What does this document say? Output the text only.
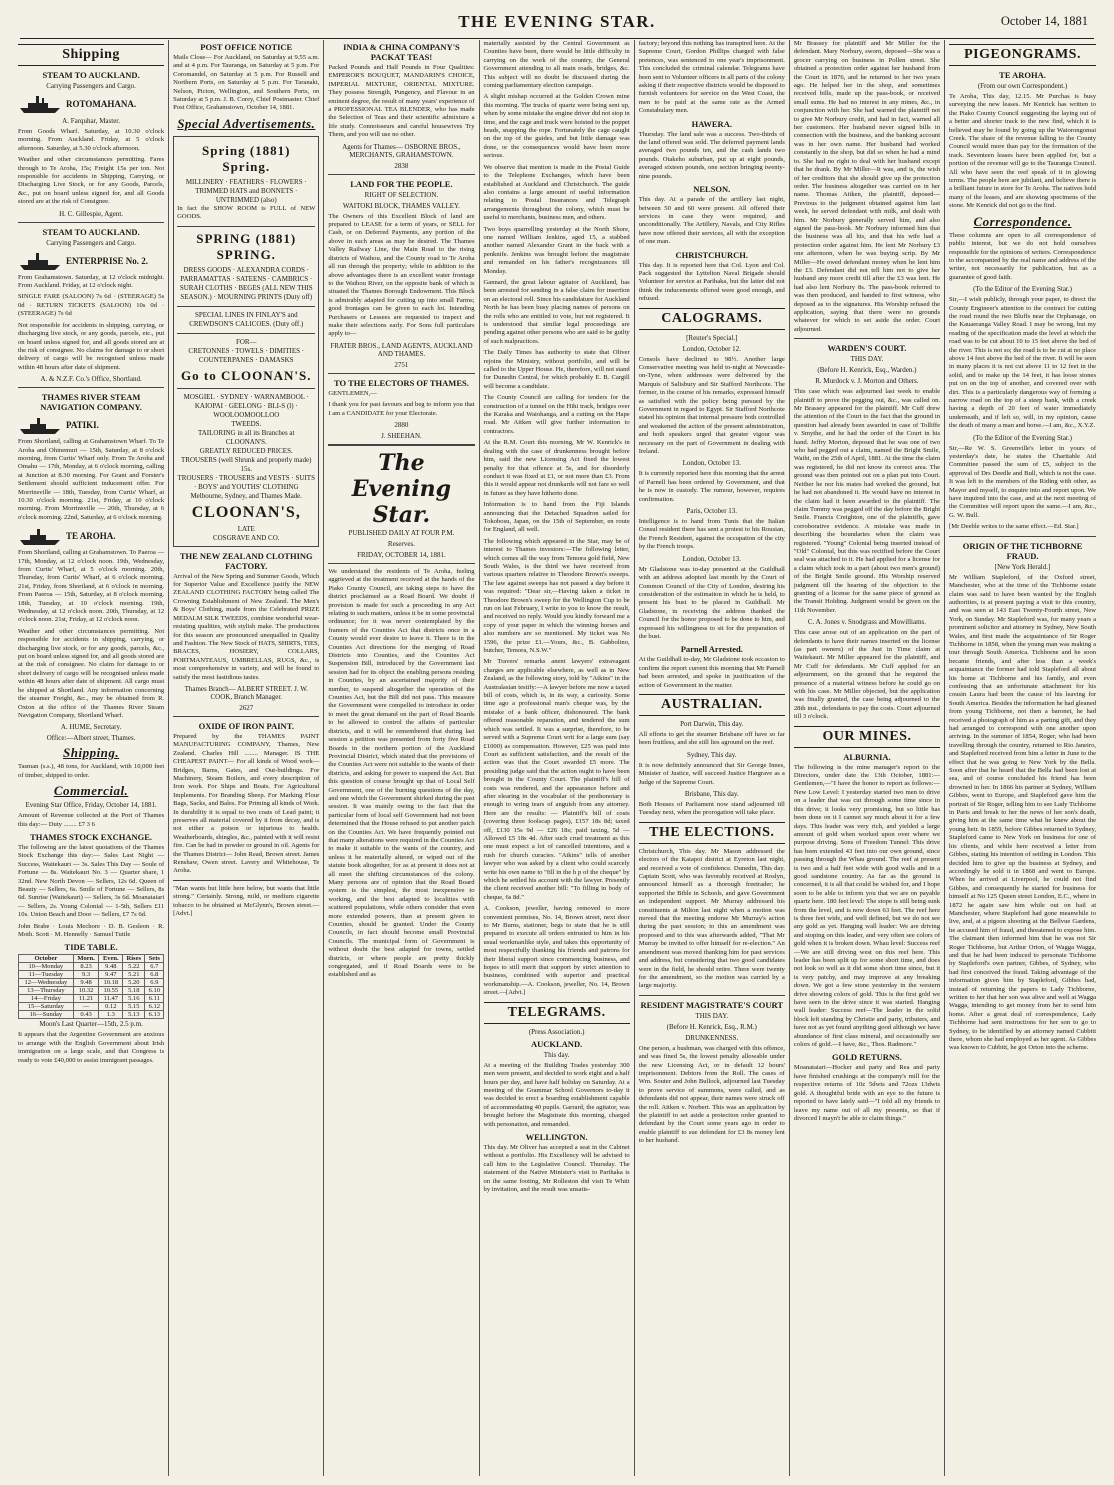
THE EVENING STAR.	October 14, 1881
Shipping
STEAM TO AUCKLAND.
Carrying Passengers and Cargo.
ROTOMAHANA.
A. Farquhar, Master.

From Goods Wharf. Saturday, at 10.30 o'clock morning. From Auckland. Friday, at 5 o'clock afternoon. Saturday, at 5.30 o'clock afternoon.

Weather and other circumstances permitting. Fares through to Te Aroha, 15s; Freight 15s per ton. Not responsible for accidents in Shipping, Carrying, or Discharging Live Stock, or for any Goods, Parcels, &c., put on board unless signed for, and all Goods stored are at the risk of Consignee.

H. C. Gillespie, Agent.
STEAM TO AUCKLAND.
Carrying Passengers and Cargo.
ENTERPRISE No. 2.

From Grahamstown. Saturday, at 12 o'clock midnight. From Auckland. Friday, at 12 o'clock night.

SINGLE FARE (SALOON) 7s 6d · (STEERAGE) 5s 0d · RETURN TICKETS (SALOON) 10s 0d · (STEERAGE) 7s 6d

Not responsible for accidents in shipping, carrying, or discharging live stock, or any goods, parcels, etc., put on board unless signed for, and all goods stored are at the risk of consignee. No claims for damage to or short delivery of cargo will be recognised unless made within 48 hours after date of shipment.

A. & N.Z.F. Co.'s Office, Shortland.
THAMES RIVER STEAM NAVIGATION COMPANY.
PATIKI.

From Shortland, calling at Grahamstown Wharf. To Te Aroha and Ohinemuri — 15th, Saturday, at 8 o'clock morning, from Curtis' Wharf only. From Te Aroha and Omahu — 17th, Monday, at 6 o'clock morning, calling at Junction at 8.30 morning. For Grant and Forster's Settlement should sufficient inducement offer. For Morrinsville — 18th, Tuesday, from Curtis' Wharf, at 10.30 o'clock morning. 21st, Friday, at 10 o'clock morning. From Morrinsville — 20th, Thursday, at 6 o'clock morning. 22nd, Saturday, at 6 o'clock morning.

TE AROHA.

From Shortland, calling at Grahamstown. To Paeroa — 17th, Monday, at 12 o'clock noon. 19th, Wednesday, from Curtis' Wharf, at 5 o'clock morning. 20th, Thursday, from Curtis' Wharf, at 6 o'clock morning. 21st, Friday, from Shortland, at 6 o'clock in morning. From Paeroa — 15th, Saturday, at 8 o'clock morning. 18th, Tuesday, at 10 o'clock morning. 19th, Wednesday, at 12 o'clock noon. 20th, Thursday, at 12 o'clock noon. 21st, Friday, at 12 o'clock noon.

Weather and other circumstances permitting. Not responsible for accidents in shipping, carrying, or discharging live stock, or for any goods, parcels, &c., put on board unless signed for, and all goods stored are at the risk of consignee. No claim for damage to or short delivery of cargo will be recognised unless made within 48 hours after date of shipment. All cargo must be shipped at Shortland. Any information concerning the steamer Freight, &c., may be obtained from R. Oxton at the office of the Thames River Steam Navigation Company, Shortland Wharf.

A. HUME, Secretary.
Office:—Albert street, Thames.
Shipping.

Tasman (s.s.), 48 tons, for Auckland, with 10,000 feet of timber, shipped to order.

Commercial.
Evening Star Office, Friday, October 14, 1881.

Amount of Revenue collected at the Port of Thames this day:— Duty ........ £7 3 6

THAMES STOCK EXCHANGE.

The following are the latest quotations of the Thames Stock Exchange this day:— Sales Last Night — Success, Waitekauri — 3s. Sales This Day — Soule of Fortune — 8s. Waitekauri No. 3 — Quarter share, 1 32nd. New North Devon — Sellers, 12s 6d. Queen of Beauty — Sellers, 6s. Smile of Fortune — Sellers, 8s 6d. Sunrise (Waitekauri) — Sellers, 3s 6d. Moanataiari — Sellers, 2s. Young Colonial — 1-5th, Sellers £11 10s. Union Beach and Door — Sellers, £7 7s 6d.

John Brabe · Louis Mechore · D. B. Gesleon · R. Moth. Scott · M. Hennelly · Samuel Tuttle

TIDE TABLE.
October	Morn.	Even.	Rises	Sets
10—Monday	8.23	9.48	5.22	6.7
11—Tuesday	9.3	9.47	5.21	6.8
12—Wednesday	9.48	10.18	5.20	6.9
13—Thursday	10.32	10.55	5.18	6.10
14—Friday	11.21	11.47	5.16	6.11
15—Saturday	—	0.12	5.15	6.12
16—Sunday	0.43	1.3	5.13	6.13
Moon's Last Quarter—15th, 2.5 p.m.

It appears that the Argentine Government are anxious to arrange with the English Government about Irish immigration on a large scale, and that Congress is ready to vote £40,000 to assist immigrant passages.

POST OFFICE NOTICE

Mails Close— For Auckland, on Saturday at 9.55 a.m. and at 4 p.m. For Tauranga, on Saturday at 5 p.m. For Coromandel, on Saturday at 5 p.m. For Russell and Northern Ports, on Saturday at 5 p.m. For Taranaki, Nelson, Picton, Wellington, and Southern Ports, on Saturday at 5 p.m. J. B. Corey, Chief Postmaster. Chief Post Office, Grahamstown, October 14, 1881.

Special Advertisements.
Spring (1881) Spring.
MILLINERY · FEATHERS · FLOWERS · TRIMMED HATS and BONNETS · UNTRIMMED (also)

In fact the SHOW ROOM is FULL of NEW GOODS.

SPRING (1881) SPRING.
DRESS GOODS · ALEXANDRA CORDS · PARRAMATTAS · SATEENS · CAMBRICS · SURAH CLOTHS · BEGES (ALL NEW THIS SEASON.) · MOURNING PRINTS (Duty off)
SPECIAL LINES IN FINLAY'S and CREWDSON'S CALICOES. (Duty off.)
FOR—
CRETONNES · TOWELS · DIMITIES · COUNTERPANES · DAMASKS
Go to CLOONAN'S.
MOSGIEL · SYDNEY · WARNAMBOOL · KAIOPAI · GEELONG · BLI-S (l) · WOOLOOMOOLLOO
TWEEDS.
TAILORING in all its Branches at CLOONAN'S.
GREATLY REDUCED PRICES.
TROUSERS (well Shrunk and properly made) 15s.
TROUSERS · TROUSERS and VESTS · SUITS · BOYS' and YOUTHS' CLOTHING
Melbourne, Sydney, and Thames Made.
CLOONAN'S,
LATE
COSGRAVE AND CO.
THE NEW ZEALAND CLOTHING FACTORY.

Arrival of the New Spring and Summer Goods, Which for Superior Value and Excellence justify the NEW ZEALAND CLOTHING FACTORY being called The Crowning Establishment of New Zealand. The Men's & Boys' Clothing, made from the Celebrated PRIZE MEDALM SILK TWEEDS, combine wonderful wear-resisting qualities, with stylish make. The productions for this season are pronounced unequalled in Quality and Fashion. The New Stock of HATS, SHIRTS, TIES, BRACES, HOSIERY, COLLARS, PORTMANTEAUS, UMBRELLAS, RUGS, &c., is most comprehensive in variety, and will be found to satisfy the most fastidious tastes.

Thames Branch— ALBERT STREET. J. W. COOK, Branch Manager.
2627
OXIDE OF IRON PAINT.

Prepared by the THAMES PAINT MANUFACTURING COMPANY, Thames, New Zealand. Charles Hill ........ Manager. IS THE CHEAPEST PAINT— For all kinds of Wood work—Bridges, Barns, Gates, and Out-buildings. For Machinery, Steam Boilers, and every description of Iron work. For Ships and Boats. For Agricultural Implements. For Branding Sheep. For Marking Flour Bags, Sacks, and Bales. For Priming all kinds of Work. In durability it is equal to two coats of Lead paint; it preserves all material covered by it from decay, and is not either a poison or injurious to health. Weatherboards, shingles, &c., painted with it will resist fire. Can be had in powder or ground in oil. Agents for the Thames District— John Read, Brown street. James Renshaw, Owen street. Lavery and Whitehouse, Te Aroha.

"Man wants but little here below, but wants that little strong." Certainly. Strong, mild, or medium cigarette tobacco to be obtained at McGlynn's, Brown street.—[Advt.]

INDIA & CHINA COMPANY'S PACKAT TEAS!

Packed Pounds and Half Pounds in Four Qualities: EMPEROR'S BOUQUET, MANDARIN'S CHOICE, IMPERIAL MIXTURE, ORIENTAL MIXTURE. They possess Strength, Pungency, and Flavour in an eminent degree, the result of many years' experience of a PROFESSIONAL TEA BLENDER, who has made the Selection of Teas and their scientific admixture a life study. Connoisseurs and careful housewives Try Them, and you will use no other.

Agents for Thames— OSBORNE BROS., MERCHANTS, GRAHAMSTOWN.
2838
LAND FOR THE PEOPLE.
RIGHT OF SELECTION.
WAITOKI BLOCK, THAMES VALLEY.

The Owners of this Excellent Block of land are prepared to LEASE for a term of years, or SELL for Cash, or on Deferred Payments, any portion of the above in such areas as may be desired. The Thames Valley Railway Line, the Main Road to the rising districts of Waihou, and the County road to Te Aroha all run through the property; while in addition to the above advantages there is an excellent water frontage to the Waihou River, on the opposite bank of which is situated the Thames Borough Endowment. This Block is admirably adapted for cutting up into small Farms; good frontages can be given to each lot. Intending Purchasers or Lessees are requested to inspect and make their selections early. For Sons full particulars apply to—

FRATER BROS., LAND AGENTS, AUCKLAND AND THAMES.
2751
TO THE ELECTORS OF THAMES.

GENTLEMEN,—

I thank you for past favours and beg to inform you that I am a CANDIDATE for your Electorate.

2880
J. SHEEHAN.
The Evening Star.
PUBLISHED DAILY AT FOUR P.M.
Reserves.
FRIDAY, OCTOBER 14, 1881.

We understand the residents of Te Aroha, feeling aggrieved at the treatment received at the hands of the Piako County Council, are taking steps to have the district proclaimed as a Road Board. We doubt if provision is made for such a proceeding in any Act relating to such matters, unless it be in some provincial ordinance; for it was never contemplated by the framers of the Counties Act that districts once in a County would ever desire to leave it. There is in the Counties Act directions for the merging of Road Districts into Counties, and the Counties Act Suspension Bill, introduced by the Government last session had for its object the enabling persons residing in Counties, by an ascertained majority of their number, to suspend altogether the operation of the Counties Act, but the Bill did not pass. This measure the Government were compelled to introduce in order to meet the great demand on the part of Road Boards to be allowed to control the affairs of particular districts, and it will be remembered that during last session a petition was presented from forty five Road Boards in the northern portion of the Auckland Provincial District, which stated that the provisions of the Counties Act were not suitable to the wants of their districts, and asking for power to suspend the Act. But this question of course brought up that of Local Self Government, one of the burning questions of the day, and one which the Government shirked during the past session. It was mainly owing to the fact that the particular form of local self Government had not been determined that the House refused to put another patch on the Counties Act. We have frequently pointed out that many alterations were required in the Counties Act to make it suitable to the wants of the country, and unless it be materially altered, or wiped out of the statute book altogether, for as at present it does not at all meet the shifting circumstances of the colony. Many persons are of opinion that the Road Board system is the simplest, the most inexpensive to working, and the best adapted to localities with scattered populations, while others consider that even more extended powers, than at present given to Counties, should be granted. Under the County Councils, in fact should become small Provincial Councils. The municipal form of Government is without doubt the best adapted for towns, settled districts, or where people are pretty thickly congregated, and if Road Boards were to be established and as

materially assisted by the Central Government as Counties have been, there would be little difficulty in carrying on the work of the country, the General Government attending to all main roads, bridges, &c. This subject will no doubt be discussed during the coming parliamentary election campaign.

A slight mishap occurred at the Golden Crown mine this morning. The trucks of quartz were being sent up, when by some mistake the engine driver did not stop in time, and the cage and truck were hoisted to the poppet heads, snapping the rope. Fortunately the cage caught on the top of the guides, and but little damage was done, or the consequences would have been more serious.

We observe that mention is made in the Postal Guide to the Telephone Exchanges, which have been established at Auckland and Christchurch. The guide also contains a large amount of useful information relating to Postal Insurances and Telegraph arrangements throughout the colony, which must be useful to merchants, business men, and others.

Two boys quarrelling yesterday at the North Shore, one named William Jenkins, aged 15, a stabbed another named Alexander Grant in the back with a penknife. Jenkins was brought before the magistrate and remanded on his father's recognizances till Monday.

Gannard, the great labour agitator of Auckland, has been arrested for sending in a false claim for insertion on an electoral roll. Since his candidature for Auckland North he has been busy placing names of persons on the rolls who are entitled to vote, but not registered. It is understood that similar legal proceedings are pending against other persons who are said to be guilty of such malpractices.

The Daily Times has authority to state that Oliver rejoins the Ministry, without portfolio, and will be called to the Upper House. He, therefore, will not stand for Dunedin Central, for which probably E. B. Cargill will become a candidate.

The County Council are calling for tenders for the construction of a tunnel on the Hihi track, bridges over the Karaka and Waiohanga, and a cutting on the Hape road. Mr Aitken will give further information to contractors.

At the R.M. Court this morning, Mr W. Kenrick's in dealing with the case of drunkenness brought before him, said the new Licensing Act fixed the lowest penalty for that offence at 5s, and for disorderly conduct it was fixed at £1, or not more than £3. From this it would appear not drunkards will not fare so well in future as they have hitherto done.

Information is to hand from the Fiji Islands announcing that the Detached Squadron sailed for Tokobosu, Japan, on the 15th of September, en route for England, all well.

The following which appeared in the Star, may be of interest to Thames investors:—The following letter, which comes all the way from Temora gold field, New South Wales, is the third we have received from various quarters relative to Theodore Brown's sweeps. The law against sweeps has not passed a day before it was required: "Dear sir,—Having taken a ticket in Theodore Brown's sweep for the Wellington Cup to be run on last February, I write to you to know the result, and received no reply. Would you kindly forward me a copy of your paper in which the winning horses and also numbers are so mentioned. My ticket was No 1596, the prize £1.—Yours, &c., B. Gabbolino, butcher, Temora, N.S.W."

Mr Travers' remarks anent lawyers' extravagant charges are applicable elsewhere, as well as in New Zealand, as the following story, told by "Atkins" in the Australasian testify:—A lawyer before me now a taxed bill of costs, which is, in its way, a curiosity. Some time ago a professional man's cheque was, by the mistake of a bank officer, dishonoured. The bank offered reasonable reparation, and tendered the sum which was settled. It was a surprise, therefore, to be served with a Supreme Court writ for a large sum (say £1000) as compensation. However, £25 was paid into Court as sufficient satisfaction, and the result of the action was that the Court awarded £5 more. The presiding judge said that the action ought to have been brought in the County Court. The plaintiff's bill of costs was rendered, and the appearance before and after elearing in the vocabular of the prothonotary is enough to wring tears of anguish from any attorney. Here are the results: — Plaintiff's bill of costs (covering three foolscap pages), £157 18s 8d; taxed off, £130 15s 9d — £26 18s; paid taxing, 5d — Allowed £5 18s 4d. After such cruel treatment as this one must expect a lot of cancelled intentions, and a rush for church curacies. "Atkins" tells of another lawyer who was asked by a client who could scarcely write his own name to "fill in the h p of the cheque" by which he settled his account with the lawyer. Presently the client received another bill: "To filling in body of cheque, 6s 8d."

A. Cookson, jeweller, having removed to more convenient premises, No. 14, Brown street, next door to Mr Burns, stationer, begs to state that he is still prepared to execute all orders entrusted to him in his usual workmanlike style, and takes this opportunity of most respectfully thanking his friends and patrons for their liberal support since commencing business, and hopes to still merit that support by strict attention to business, combined with superior and practical workmanship.—A. Cookson, jeweller, No. 14, Brown street.—[Advt.]

TELEGRAMS.
(Press Association.)
AUCKLAND.
This day.

At a meeting of the Building Trades yesterday 300 men were present, and decided to work eight and a half hours per day, and have half holiday on Saturday. At a meeting of the Grammar School Governors to-day it was decided to erect a boarding establishment capable of accommodating 40 pupils. Garrard, the agitator, was brought before the Magistrate this morning, charged with personation, and remanded.

WELLINGTON.

This day. Mr Oliver has accepted a seat in the Cabinet without a portfolio. His Excellency will be advised to call him to the Legislative Council. Thursday. The statement of the Native Minister's visit to Parihaka is on the same footing, Mr Rolleston did visit Te Whiti by invitation, and the result was unsatis-

factory; beyond this nothing has transpired here. At the Supreme Court, Gordon Phillips charged with false pretences, was sentenced to one year's imprisonment. This concluded the criminal calendar. Telegrams have been sent to Volunteer officers in all parts of the colony asking if their respective districts would be disposed to furnish volunteers for service on the West Coast, the men to be paid at the same rate as the Armed Constabulary men.

HAWERA.

Thursday. The land sale was a success. Two-thirds of the land offered was sold. The deferred payment lands averaged two pounds ten, and the cash lands two pounds. Otakeho suburban, put up at eight pounds, averaged sixteen pounds, one section bringing twenty-nine pounds.

NELSON.

This day. At a parade of the artillery last night, between 50 and 60 were present. All offered their services in case they were required, and unconditionally. The Artillery, Navals, and City Rifles have now offered their services, all with the exception of one man.

CHRISTCHURCH.

This day. It is reported here that Col. Lyon and Col. Pack suggested the Lyttelton Naval Brigade should Volunteer for service at Parihaka, but the latter did not think the inducements offered were good enough, and refused.

CALOGRAMS.
[Reuter's Special.]
London, October 12.

Consols have declined to 98½. Another large Conservative meeting was held to-night at Newcastle-on-Tyne, when addresses were delivered by the Marquis of Salisbury and Sir Stafford Northcote. The former, in the course of his remarks, expressed himself as satisfied with the policy being pursued by the Government in regard to Egypt. Sir Stafford Northcote stated his opinion that internal pressure both controlled and weakened the action of the present administration, and both speakers urged that greater vigour was necessary on the part of Government in dealing with Ireland.

London, October 13.

It is currently reported here this morning that the arrest of Parnell has been ordered by Government, and that he is now in custody. The rumour, however, requires confirmation.

Paris, October 13.

Intelligence is to hand from Tunis that the Italian Consul resident there has sent a protest to his Rousian, the French Resident, against the occupation of the city by the French troops.

London, October 13.

Mr Gladstone was to-day presented at the Guildhall with an address adopted last month by the Court of Common Council of the City of London, desiring his consideration of the estimation in which he is held, to present his bust to be placed in Guildhall. Mr Gladstone, in receiving the address thanked the Council for the honor proposed to be done to him, and expressed his willingness to sit for the preparation of the bust.

Parnell Arrested.

At the Guildhall to-day, Mr Gladstone took occasion to confirm the report current this morning that Mr Parnell had been arrested, and spoke in justification of the action of Government in the matter.

AUSTRALIAN.
Port Darwin, This day.

All efforts to get the steamer Brisbane off have so far been fruitless, and she still lies aground on the reef.

Sydney, This day.

It is now definitely announced that Sir George Innes, Minister of Justice, will succeed Justice Hargrave as a Judge of the Supreme Court.

Brisbane, This day.

Both Houses of Parliament now stand adjourned till Tuesday next, when the prorogation will take place.

THE ELECTIONS.

Christchurch, This day. Mr Mason addressed the electors of the Kaiapoi district at Eyreton last night, and received a vote of confidence. Dunedin, This day. Captain Scott, who was favorably received at Roslyn, announced himself as a thorough freetrader; he supported the Bible in Schools, and gave Government an independent support. Mr Murray addressed his constituents at Milton last night when a motion was moved that the meeting endorse Mr Murray's action during the past session; to this an amendment was proposed and to this was afterwards added, "That Mr Murray be invited to offer himself for re-election." An amendment was moved thanking him for past services and address, but considering that two good candidates were in the field, he should retire. There were twenty for the amendment, so the motion was carried by a large majority.

RESIDENT MAGISTRATE'S COURT
THIS DAY.
(Before H. Kenrick, Esq., R.M.)
DRUNKENNESS.

One person, a bushman, was charged with this offence, and was fined 5s, the lowest penalty allowable under the new Licensing Act, or in default 12 hours' imprisonment. Debtors from the Roll. The cases of Wm. Souter and John Bullock, adjourned last Tuesday to prove service of summons, were called, and as defendants did not appear, their names were struck off the roll. Aitken v. Norbert. This was an application by the plaintiff to set aside a protection order granted to defendant by the Court some years ago in order to enable plaintiff to sue defendant for £3 8s money lent to her husband.

Mr Brassey for plaintiff and Mr Miller for the defendant. Mary Norbury, sworn, deposed—She was a grocer carrying on business in Pollen street. She obtained a protection order against her husband from the Court in 1876, and he returned to her two years ago. He helped her in the shop, and sometimes received bills, made up the pass-book, or received small sums. He had no interest in any mines, &c., in conjunction with her. She had warned the plaintiff not to give Mr Norbury credit, and had in fact, warned all her customers. Her husband never signed bills in connection with the business, and the banking account was in her own name. Her husband had worked constantly in the shop, but did so when he had a mind to. She had no right to deal with her husband except that he drank. By Mr Miller—It was, and is, the wish of her creditors that she should give up the protection order. The business altogether was carried on in her name. Thomas Aitken, the plaintiff, deposed—Previous to the judgment obtained against him last week, he served defendant with milk, and dealt with him. Mr Norbury generally served him, and also signed the pass-book. Mr Norbury informed him that the business was all his, and that his wife had a protection order against him. He lent Mr Norbury £3 one afternoon, when he was buying scrip. By Mr Miller—He owed defendant money when he lent him the £3. Defendant did not tell him not to give her husband any more credit till after the £3 was lent. He had also lent Norbury 8s. The pass-book referred to was then produced, and handed to first witness, who deposed as to the signatures. His Worship refused the application, saying that there were no grounds whatever for which to set aside the order. Court adjourned.

WARDEN'S COURT.
THIS DAY.
(Before H. Kenrick, Esq., Warden.)
R. Murdock v. J. Morton and Others.

This case which was adjourned last week to enable plaintiff to prove the pegging out, &c., was called on. Mr Brassey appeared for the plaintiff. Mr Cuff drew the attention of the Court to the fact that the ground in question had already been awarded in case of Tolliffe v. Smythe, and he had the order of the Court in his hand. Jeffry Morton, deposed that he was one of two who had pegged out a claim, named the Bright Smile, Waihi, on the 25th of April, 1881. At the time the claim was registered, he did not know its correct area. The ground was then pointed out on a plan put into Court. Neither he nor his mates had worked the ground, but he had not abandoned it. He would have no interest in the claim had it been awarded to the plaintiff. The claim Tommy was pegged off the day before the Bright Smile. Francis Creighton, one of the plaintiffs, gave corroborative evidence. A mistake was made in describing the boundaries when the claim was registered. "Young" Colonial being inserted instead of "Old" Colonial, but this was rectified before the Court seal was attached to it. He had applied for a license for a claim which took in a part (about two men's ground) of the Bright Smile ground. His Worship reserved judgment till the hearing of the objection to the granting of a license for the same piece of ground as the Transit Holding. Judgment would be given on the 11th November.

C. A. Jones v. Snodgrass and Mowilliams.

This case arose out of an application on the part of defendants to have their names inserted on the license (as part owners) of the Just in Time claim at Waitekauri. Mr Miller appeared for the plaintiff, and Mr Cuff for defendants. Mr Cuff applied for an adjournment, on the ground that he required the presence of a material witness before he could go on with his case. Mr Miller objected, but the application was finally granted, the case being adjourned to the 28th inst., defendants to pay the costs. Court adjourned till 3 o'clock.

OUR MINES.
ALBURNIA.

The following is the mine manager's report to the Directors, under date the 13th October, 1881:—Gentlemen,—"I have the honor to report as follows:— New Low Level: I yesterday started two men to drive on a leader that was cut through some time since in this drive; it looks very promising, but so little has been done on it I cannot say much about it for a few days. This leader was very rich, and yielded a large amount of gold when worked upon over where we purpose driving. Sons of Freedom Tunnel: This drive has been extended 43 feet into our own ground, since passing through the Whau ground. The reef at present is two and a half feet wide with good walls and in a good sandstone country. As far as the ground is concerned, it is all that could be wished for, and I hope soon to be able to inform you that we are on payable quartz here. 180 feet level: The stope is still being sunk from the level, and is now down 63 feet. The reef here is three feet wide, and well defined, but we do not see any gold as yet. Hanging wall leader: We are driving and stoping on this leader, and very often see colors of gold when it is broken down. Whau level: Success reef—We are still driving west on this reef here. This leader has been split up for some short time, and does not look so well as it did some short time since, but it is very patchy, and may improve at any breaking down. We got a few stone yesterday in the western drive showing colors of gold. This is the first gold we have seen in the drive since it was started. Hanging wall leader: Success reef—The leader in the solid block left standing by Christie and party, tributers, and have not as yet found anything good although we have abundance of first class mineral, and occasionally see colors of gold.—I have, &c., Thos. Radmore."

GOLD RETURNS.

Moanataiari—Hocker and party and Rea and party have finished crushings at the company's mill for the respective returns of 10z 5dwts and 72ozs 13dwts gold. A thoughtful bride with an eye to the future is reported to have lately said—"I told all my friends to leave my name out of all my presents, so that if divorced I mayn't be able to claim things."

PIGEONGRAMS.
TE AROHA.
(From our own Correspondent.)

Te Aroha, This day, 12.15. Mr Purchas is busy surveying the new leases. Mr Kenrick has written to the Piako County Council suggesting the laying out of a better and shorter track to the new find, which it is believed may be found by going up the Waiorongomai Creek. The share of the revenue falling to the County Council would more than pay for the formation of the track. Seventeen leases have been applied for, but a portion of the revenue will go to the Tauranga Council. All who have seen the reef speak of it in glowing terms. The people here are jubilant, and believe there is a brilliant future in store for Te Aroha. The natives hold many of the leases, and are showing specimens of the stone. Mr Kenrick did not go to the find.

Correspondence.

These columns are open to all correspondence of public interest, but we do not hold ourselves responsible for the opinions of writers. Correspondence to the accompanied by the real name and address of the writer, not necessarily for publication, but as a guarantee of good faith.

(To the Editor of the Evening Star.)

Sir,—I wish publicly, through your paper, to direct the County Engineer's attention to the contract for cutting the road round the two Bluffs near the Orphanage, on the Kauaeranga Valley Road. I may be wrong, but my reading of the specification made the level at which the road was to be cut about 10 to 15 feet above the bed of the river. This is not so; the road is to be cut at no place above 14 feet above the bed of the river. It will be seen in many places it is not cut above 11 to 12 feet in the solid, and to make up the 14 feet, it has loose stones put on on the top of another, and covered over with dirt. This is a particularly dangerous way of forming a narrow road on the top of a steep bank, with a creek having a depth of 20 feet of water immediately underneath, and if left so, will, in my opinion, cause the death of many a man and horse.—I am, &c., X.Y.Z.

(To the Editor of the Evening Star.)

Sir,—Re W. S. Greenville's letter in yours of yesterday's date, he states the Charitable Aid Committee passed the sum of £5, subject to the approval of Drs Deedle and Bull, which is not the case. It was left to the members of the Riding with other, as Mayor and myself, to enquire into and report upon. We have inquired into the case, and at the next meeting of the Committee will report upon the same.—I am, &c., G. W. Bull.

[Mr Deeble writes to the same effect.—Ed. Star.]

ORIGIN OF THE TICHBORNE FRAUD.
[New York Herald.]

Mr William Stapleford, of the Oxford street, Manchester, who at the time of the Tichborne estate claim was said to have been wanted by the English authorities, is at present paying a visit to this country, and was seen at 143 East Twenty-Fourth street, New York, on Sunday. Mr Stapleford was, for many years a prominent solicitor and attorney in Sydney, New South Wales, and first made the acquaintance of Sir Roger Tichborne in 1858, when the young man was making a tour through South America. Tichborne and he soon became friends, and after less than a week's acquaintance the former had told Stapleford all about his home at Tichborne and his family, and even confessing that an unfortunate attachment for his cousin Laura had been the cause of his leaving for South America. Besides the information he had gleaned from young Tichborne, not then a baronet, he had received a photograph of him as a parting gift, and they had arranged to correspond with one another upon arriving. In the summer of 1854, Roger, who had been travelling through the country, returned to Rio Janeiro, and Stapleford received from him a letter in June to the effect that he was going to New York by the Bella. Soon after that he heard that the Bella had been lost at sea, and of course concluded his friend has been drowned in her. In 1866 his partner at Sydney, William Gibbes, went to Europe, and Stapleford gave him the portrait of Sir Roger, telling him to see Lady Tichborne in Paris and break to her the news of her son's death, giving him at the same time what he knew about the young heir. In 1859, before Gibbes returned to Sydney, Stapleford came to New York on business for one of his clients, and while here received a letter from Gibbes, stating his intention of settling in London. This decided him to give up the business at Sydney, and accordingly he sold it in 1868 and went to Europe. When he arrived at Liverpool, he could not find Gibbes, and consequently he started for business for himself at No 125 Queen street London, E.C., where in 1872 he again saw him while out on bail at Manchester, where Stapleford had gone meanwhile to live, and, at a pigeon shooting at the Bellvue Gardens, he accused him of fraud, and threatened to expose him. The claimant then informed him that he was not Sir Roger Tichborne, but Arthur Orton, of Wagga Wagga, and that he had been induced to personate Tichborne by Stapleford's own partner, Gibbes, of Sydney, who had first conceived the fraud. Taking advantage of the information given him by Stapleford, Gibbes had, instead of returning the papers to Lady Tichborne, written to her that her son was alive and well at Wagga Wagga, intending to get money from her to send him home. After a great deal of correspondence, Lady Tichborne had sent instructions for her son to go to Sydney, to be identified by an attorney named Cubbitt there, whom she had employed as her agent. As Gibbes was known to Cubbitt, he got Orton into the scheme.
